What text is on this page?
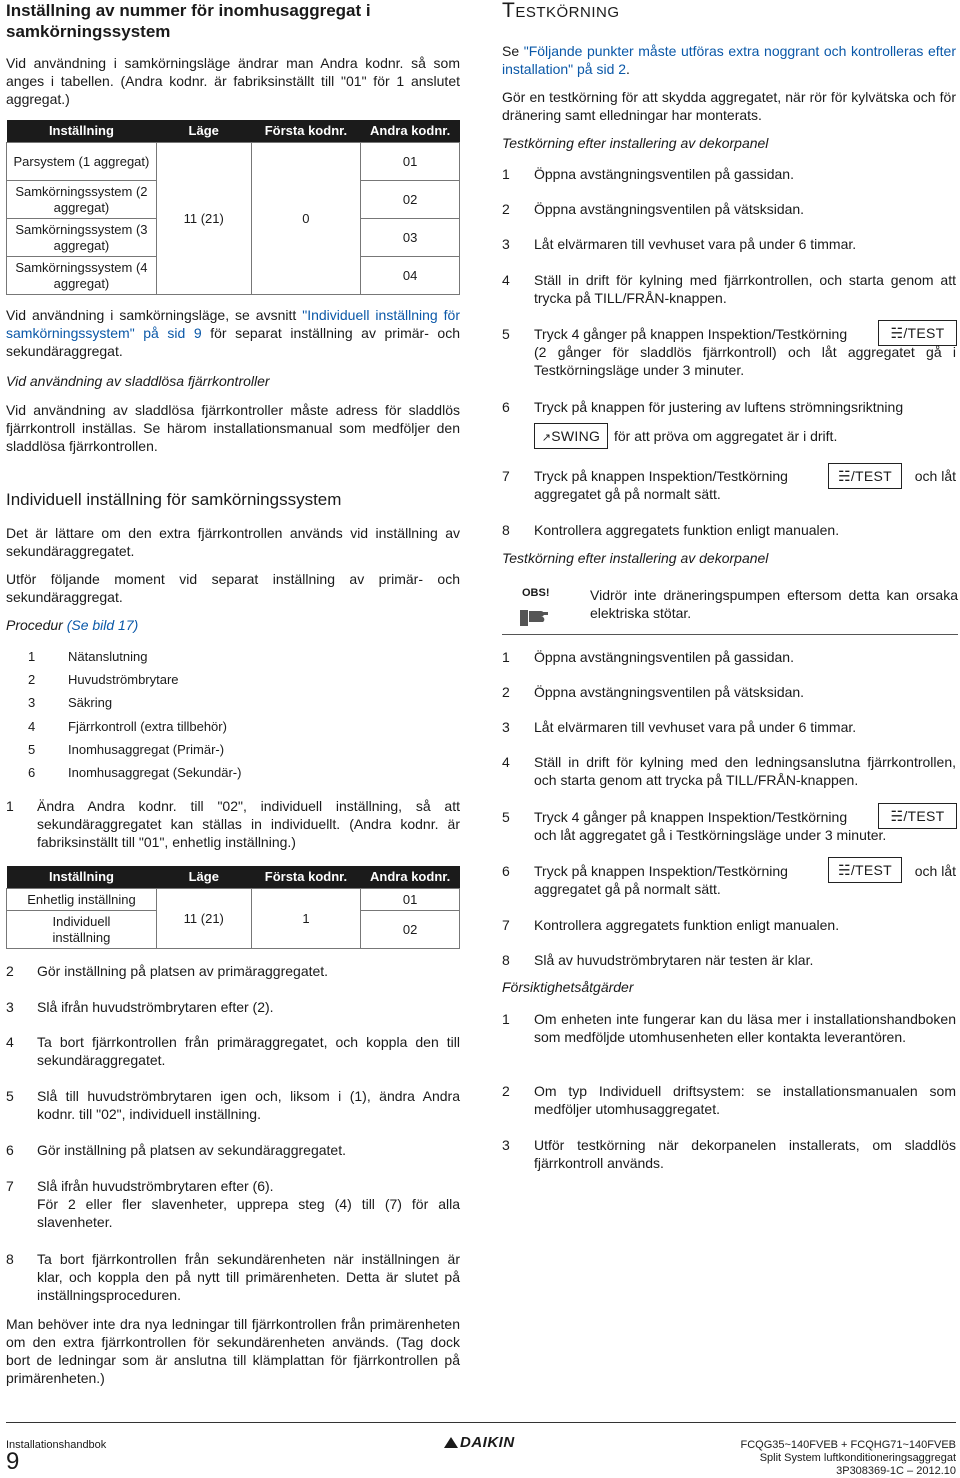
Inställning av nummer för inomhusaggregat i samkörningssystem
Vid användning i samkörningsläge ändrar man Andra kodnr. så som anges i tabellen. (Andra kodnr. är fabriksinställt till "01" för 1 anslutet aggregat.)
Inställning	Läge	Första kodnr.	Andra kodnr.
Parsystem (1 aggregat)	11 (21)	0	01
Samkörningssystem (2 aggregat)			02
Samkörningssystem (3 aggregat)			03
Samkörningssystem (4 aggregat)			04
Vid användning i samkörningsläge, se avsnitt "Individuell inställning för samkörningssystem" på sid 9 för separat inställning av primär- och sekundäraggregat.
Vid användning av sladdlösa fjärrkontroller
Vid användning av sladdlösa fjärrkontroller måste adress för sladdlös fjärrkontroll inställas. Se härom installationsmanual som medföljer den sladdlösa fjärrkontrollen.
Individuell inställning för samkörningssystem
Det är lättare om den extra fjärrkontrollen används vid inställning av sekundäraggregatet.
Utför följande moment vid separat inställning av primär- och sekundäraggregat.
Procedur (Se bild 17)
1	Nätanslutning
2	Huvudströmbrytare
3	Säkring
4	Fjärrkontroll (extra tillbehör)
5	Inomhusaggregat (Primär-)
6	Inomhusaggregat (Sekundär-)
1 Ändra Andra kodnr. till "02", individuell inställning, så att sekundäraggregatet kan ställas in individuellt. (Andra kodnr. är fabriksinställt till "01", enhetlig inställning.)
Inställning	Läge	Första kodnr.	Andra kodnr.
Enhetlig inställning	11 (21)	1	01
Individuell inställning			02
2 Gör inställning på platsen av primäraggregatet.
3 Slå ifrån huvudströmbrytaren efter (2).
4 Ta bort fjärrkontrollen från primäraggregatet, och koppla den till sekundäraggregatet.
5 Slå till huvudströmbrytaren igen och, liksom i (1), ändra Andra kodnr. till "02", individuell inställning.
6 Gör inställning på platsen av sekundäraggregatet.
7 Slå ifrån huvudströmbrytaren efter (6).
För 2 eller fler slavenheter, upprepa steg (4) till (7) för alla slavenheter.
8 Ta bort fjärrkontrollen från sekundärenheten när inställningen är klar, och koppla den på nytt till primärenheten. Detta är slutet på inställningsproceduren.
Man behöver inte dra nya ledningar till fjärrkontrollen från primärenheten om den extra fjärrkontrollen för sekundärenheten används. (Tag dock bort de ledningar som är anslutna till klämplattan för fjärrkontrollen på primärenheten.)
Testkörning
Se "Följande punkter måste utföras extra noggrant och kontrolleras efter installation" på sid 2.
Gör en testkörning för att skydda aggregatet, när rör för kylvätska och för dränering samt elledningar har monterats.
Testkörning efter installering av dekorpanel
1 Öppna avstängningsventilen på gassidan.
2 Öppna avstängningsventilen på vätsksidan.
3 Låt elvärmaren till vevhuset vara på under 6 timmar.
4 Ställ in drift för kylning med fjärrkontrollen, och starta genom att trycka på TILL/FRÅN-knappen.
5 Tryck 4 gånger på knappen Inspektion/Testkörning	☵/TEST
(2 gånger för sladdlös fjärrkontroll) och låt aggregatet gå i Testkörningsläge under 3 minuter.
6 Tryck på knappen för justering av luftens strömningsriktning
↗SWING för att pröva om aggregatet är i drift.
7 Tryck på knappen Inspektion/Testkörning	☵/TEST	och låt
aggregatet gå på normalt sätt.
8 Kontrollera aggregatets funktion enligt manualen.
Testkörning efter installering av dekorpanel
OBS!	Vidrör inte dräneringspumpen eftersom detta kan orsaka elektriska stötar.
1 Öppna avstängningsventilen på gassidan.
2 Öppna avstängningsventilen på vätsksidan.
3 Låt elvärmaren till vevhuset vara på under 6 timmar.
4 Ställ in drift för kylning med den ledningsanslutna fjärrkontrollen, och starta genom att trycka på TILL/FRÅN-knappen.
5 Tryck 4 gånger på knappen Inspektion/Testkörning	☵/TEST
och låt aggregatet gå i Testkörningsläge under 3 minuter.
6 Tryck på knappen Inspektion/Testkörning	☵/TEST	och låt
aggregatet gå på normalt sätt.
7 Kontrollera aggregatets funktion enligt manualen.
8 Slå av huvudströmbrytaren när testen är klar.
Försiktighetsåtgärder
1 Om enheten inte fungerar kan du läsa mer i installationshandboken som medföljde utomhusenheten eller kontakta leverantören.
2 Om typ Individuell driftsystem: se installationsmanualen som medföljer utomhusaggregatet.
3 Utför testkörning när dekorpanelen installerats, om sladdlös fjärrkontroll används.
Installationshandbok
9
DAIKIN	FCQG35~140FVEB + FCQHG71~140FVEB
Split System luftkonditioneringsaggregat
3P308369-1C – 2012.10
